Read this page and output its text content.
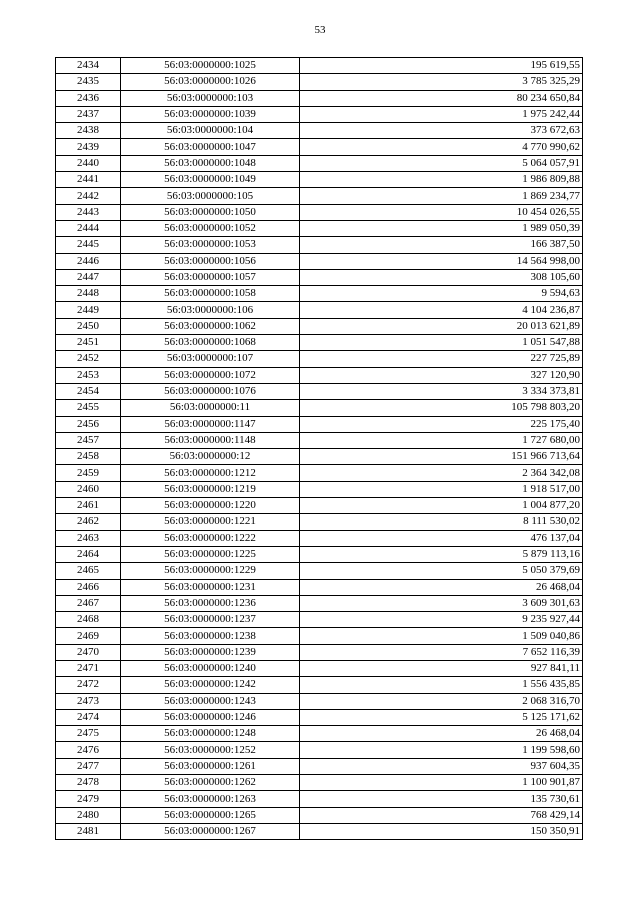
53
2434	56:03:0000000:1025	195 619,55
2435	56:03:0000000:1026	3 785 325,29
2436	56:03:0000000:103	80 234 650,84
2437	56:03:0000000:1039	1 975 242,44
2438	56:03:0000000:104	373 672,63
2439	56:03:0000000:1047	4 770 990,62
2440	56:03:0000000:1048	5 064 057,91
2441	56:03:0000000:1049	1 986 809,88
2442	56:03:0000000:105	1 869 234,77
2443	56:03:0000000:1050	10 454 026,55
2444	56:03:0000000:1052	1 989 050,39
2445	56:03:0000000:1053	166 387,50
2446	56:03:0000000:1056	14 564 998,00
2447	56:03:0000000:1057	308 105,60
2448	56:03:0000000:1058	9 594,63
2449	56:03:0000000:106	4 104 236,87
2450	56:03:0000000:1062	20 013 621,89
2451	56:03:0000000:1068	1 051 547,88
2452	56:03:0000000:107	227 725,89
2453	56:03:0000000:1072	327 120,90
2454	56:03:0000000:1076	3 334 373,81
2455	56:03:0000000:11	105 798 803,20
2456	56:03:0000000:1147	225 175,40
2457	56:03:0000000:1148	1 727 680,00
2458	56:03:0000000:12	151 966 713,64
2459	56:03:0000000:1212	2 364 342,08
2460	56:03:0000000:1219	1 918 517,00
2461	56:03:0000000:1220	1 004 877,20
2462	56:03:0000000:1221	8 111 530,02
2463	56:03:0000000:1222	476 137,04
2464	56:03:0000000:1225	5 879 113,16
2465	56:03:0000000:1229	5 050 379,69
2466	56:03:0000000:1231	26 468,04
2467	56:03:0000000:1236	3 609 301,63
2468	56:03:0000000:1237	9 235 927,44
2469	56:03:0000000:1238	1 509 040,86
2470	56:03:0000000:1239	7 652 116,39
2471	56:03:0000000:1240	927 841,11
2472	56:03:0000000:1242	1 556 435,85
2473	56:03:0000000:1243	2 068 316,70
2474	56:03:0000000:1246	5 125 171,62
2475	56:03:0000000:1248	26 468,04
2476	56:03:0000000:1252	1 199 598,60
2477	56:03:0000000:1261	937 604,35
2478	56:03:0000000:1262	1 100 901,87
2479	56:03:0000000:1263	135 730,61
2480	56:03:0000000:1265	768 429,14
2481	56:03:0000000:1267	150 350,91
